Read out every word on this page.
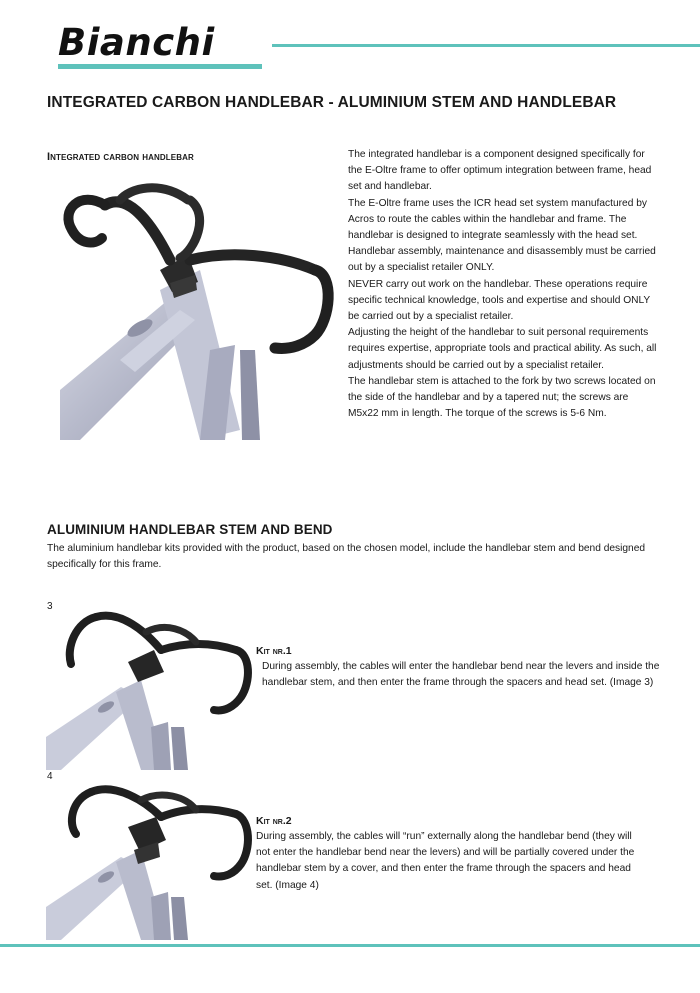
Bianchi
INTEGRATED CARBON HANDLEBAR - ALUMINIUM STEM AND HANDLEBAR
Integrated carbon handlebar	The integrated handlebar is a component designed specifically for the E-Oltre frame to offer optimum integration between frame, head set and handlebar.

The E-Oltre frame uses the ICR head set system manufactured by Acros to route the cables within the handlebar and frame. The handlebar is designed to integrate seamlessly with the head set. Handlebar assembly, maintenance and disassembly must be carried out by a specialist retailer ONLY.

NEVER carry out work on the handlebar. These operations require specific technical knowledge, tools and expertise and should ONLY be carried out by a specialist retailer.

Adjusting the height of the handlebar to suit personal requirements requires expertise, appropriate tools and practical ability. As such, all adjustments should be carried out by a specialist retailer.

The handlebar stem is attached to the fork by two screws located on the side of the handlebar and by a tapered nut; the screws are M5x22 mm in length. The torque of the screws is 5-6 Nm.

ALUMINIUM HANDLEBAR STEM AND BEND
The aluminium handlebar kits provided with the product, based on the chosen model, include the handlebar stem and bend designed specifically for this frame.
3
Kit nr.1
During assembly, the cables will enter the handlebar bend near the levers and inside the handlebar stem, and then enter the frame through the spacers and head set. (Image 3)
4
Kit nr.2
During assembly, the cables will “run” externally along the handlebar bend (they will not enter the handlebar bend near the levers) and will be partially covered under the handlebar stem by a cover, and then enter the frame through the spacers and head set. (Image 4)
